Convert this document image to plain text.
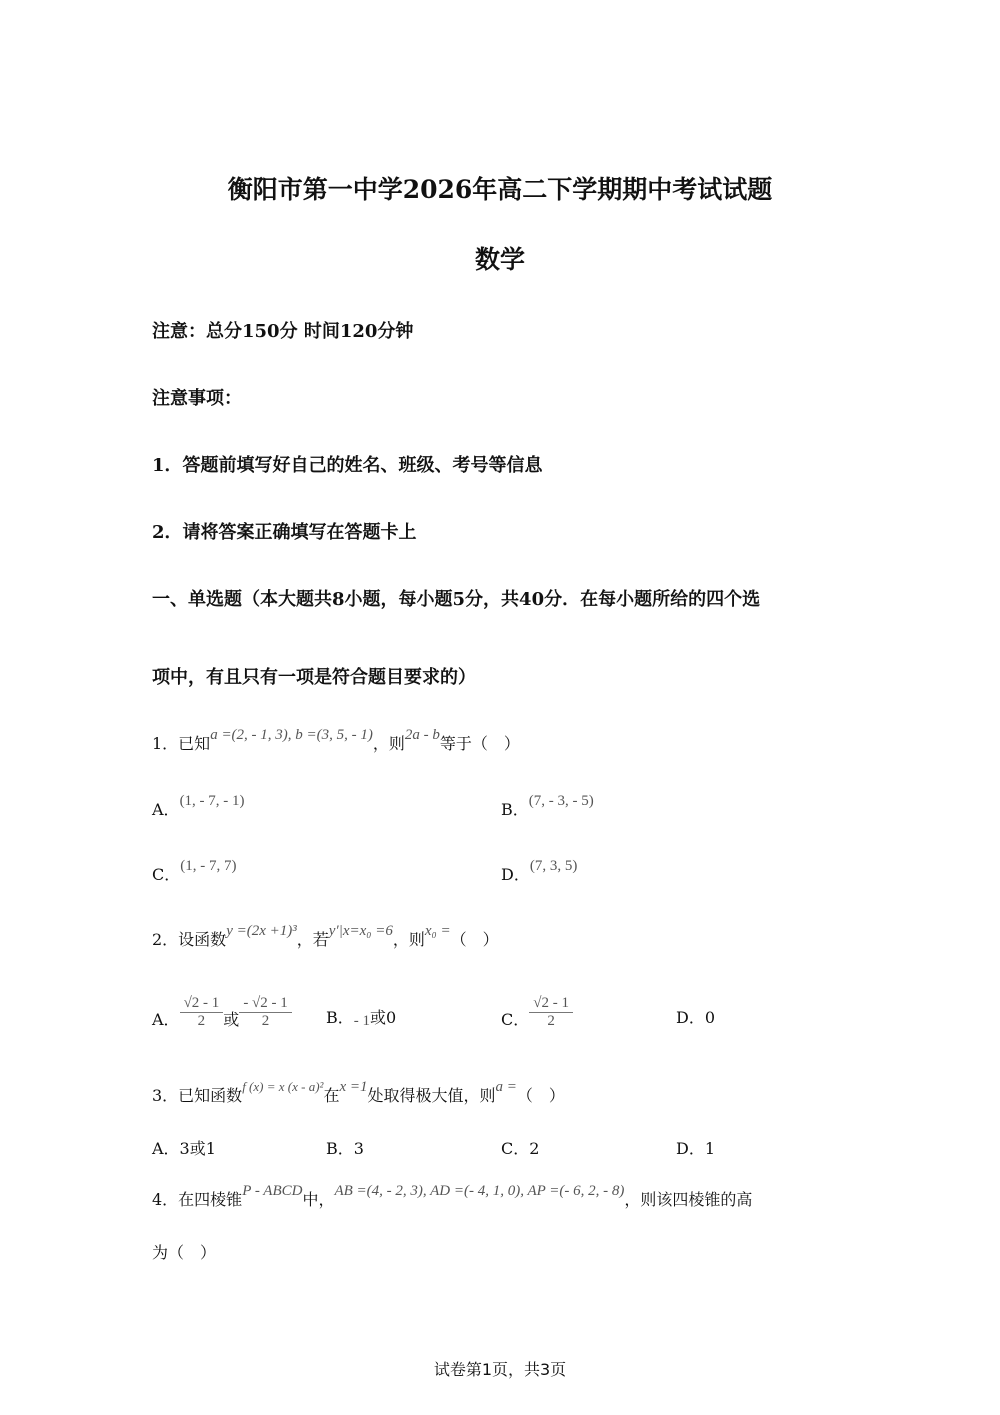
衡阳市第一中学2026年高二下学期期中考试试题
数学
注意：总分150分 时间120分钟
注意事项：
1．答题前填写好自己的姓名、班级、考号等信息
2．请将答案正确填写在答题卡上
一、单选题（本大题共8小题，每小题5分，共40分．在每小题所给的四个选
项中，有且只有一项是符合题目要求的）
1．已知a =(2, - 1, 3), b =(3, 5, - 1)，则2a - b等于（　）
A．(1, - 7, - 1)	B．(7, - 3, - 5)
C．(1, - 7, 7)	D．(7, 3, 5)
2．设函数y =(2x +1)³，若y′|x=x₀ =6，则x₀ =（　）
A． $\frac{√2 - 1}{2}$ 或 $\frac{- √2 - 1}{2}$ B．- 1或0	C． $\frac{√2 - 1}{2}$	D．0
3．已知函数$^{f (x) = x (x - a)^2}$在x =1处取得极大值，则a =（　）
A．3或1	B．3	C．2	D．1
4．在四棱锥P - ABCD中，AB =(4, - 2, 3), AD =(- 4, 1, 0), AP =(- 6, 2, - 8)，则该四棱锥的高
为（　）
试卷第1页，共3页
